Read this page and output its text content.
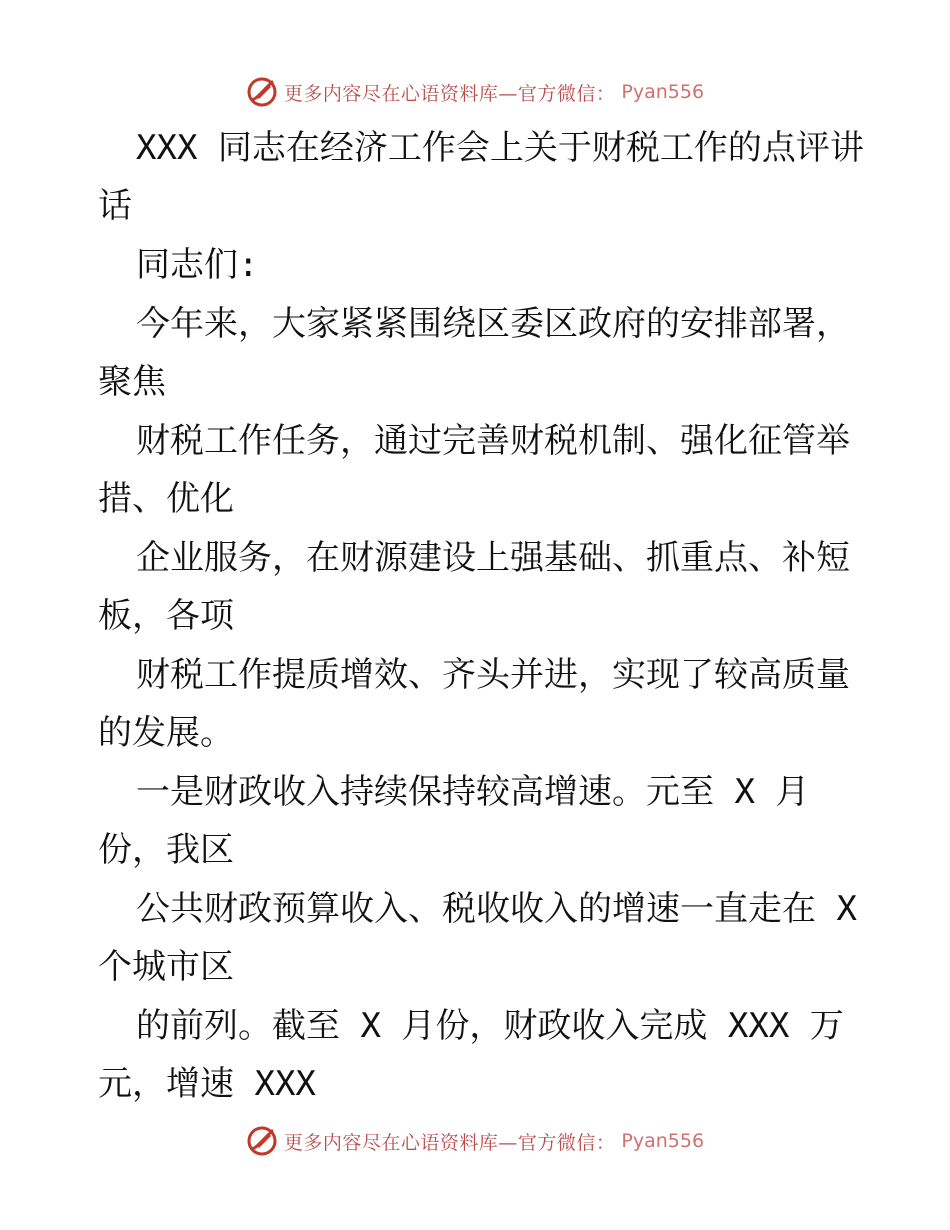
更多内容尽在心语资料库—官方微信： Pyan556
XXX 同志在经济工作会上关于财税工作的点评讲
话
同志们:
今年来，大家紧紧围绕区委区政府的安排部署，
聚焦
财税工作任务，通过完善财税机制、强化征管举
措、优化
企业服务，在财源建设上强基础、抓重点、补短
板，各项
财税工作提质增效、齐头并进，实现了较高质量
的发展。
一是财政收入持续保持较高增速。元至 X 月
份，我区
公共财政预算收入、税收收入的增速一直走在 X
个城市区
的前列。截至 X 月份，财政收入完成 XXX 万
元，增速 XXX
更多内容尽在心语资料库—官方微信： Pyan556
